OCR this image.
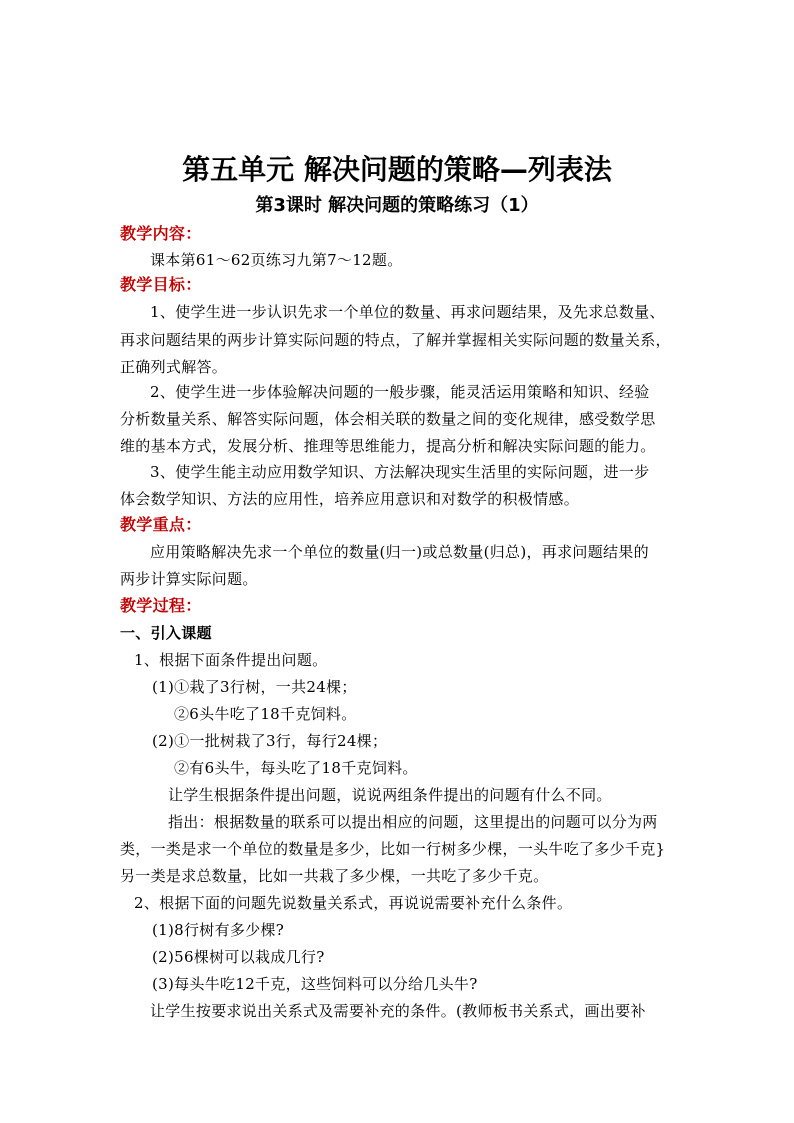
第五单元 解决问题的策略—列表法
第3课时 解决问题的策略练习（1）
教学内容：
课本第61～62页练习九第7～12题。
教学目标：
1、使学生进一步认识先求一个单位的数量、再求问题结果，及先求总数量、
再求问题结果的两步计算实际问题的特点，了解并掌握相关实际问题的数量关系，
正确列式解答。
2、使学生进一步体验解决问题的一般步骤，能灵活运用策略和知识、经验
分析数量关系、解答实际问题，体会相关联的数量之间的变化规律，感受数学思
维的基本方式，发展分析、推理等思维能力，提高分析和解决实际问题的能力。
3、使学生能主动应用数学知识、方法解决现实生活里的实际问题，进一步
体会数学知识、方法的应用性，培养应用意识和对数学的积极情感。
教学重点：
应用策略解决先求一个单位的数量(归一)或总数量(归总)，再求问题结果的
两步计算实际问题。
教学过程：
一、引入课题
1、根据下面条件提出问题。
(1)①栽了3行树，一共24棵；
②6头牛吃了18千克饲料。
(2)①一批树栽了3行，每行24棵；
②有6头牛，每头吃了18千克饲料。
让学生根据条件提出问题，说说两组条件提出的问题有什么不同。
指出：根据数量的联系可以提出相应的问题，这里提出的问题可以分为两
类，一类是求一个单位的数量是多少，比如一行树多少棵，一头牛吃了多少千克}
另一类是求总数量，比如一共栽了多少棵，一共吃了多少千克。
2、根据下面的问题先说数量关系式，再说说需要补充什么条件。
(1)8行树有多少棵?
(2)56棵树可以栽成几行?
(3)每头牛吃12千克，这些饲料可以分给几头牛?
让学生按要求说出关系式及需要补充的条件。(教师板书关系式，画出要补
